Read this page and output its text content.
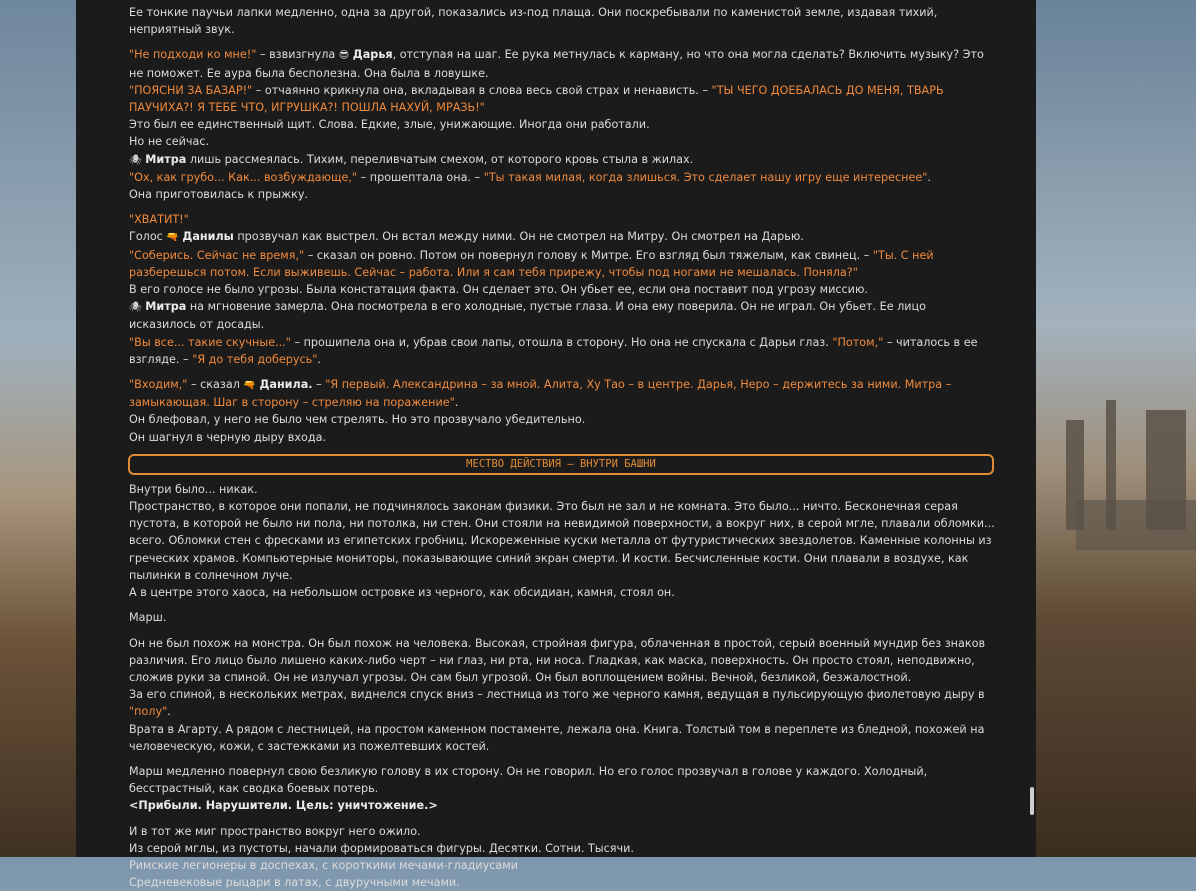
Ее тонкие паучьи лапки медленно, одна за другой, показались из-под плаща. Они поскребывали по каменистой земле, издавая тихий, неприятный звук.

"Не подходи ко мне!" – взвизгнула 😎 Дарья, отступая на шаг. Ее рука метнулась к карману, но что она могла сделать? Включить музыку? Это не поможет. Ее аура была бесполезна. Она была в ловушке.

"ПОЯСНИ ЗА БАЗАР!" – отчаянно крикнула она, вкладывая в слова весь свой страх и ненависть. – "ТЫ ЧЕГО ДОЕБАЛАСЬ ДО МЕНЯ, ТВАРЬ ПАУЧИХА?! Я ТЕБЕ ЧТО, ИГРУШКА?! ПОШЛА НАХУЙ, МРАЗЬ!"

Это был ее единственный щит. Слова. Едкие, злые, унижающие. Иногда они работали.

Но не сейчас.

🕷 Митра лишь рассмеялась. Тихим, переливчатым смехом, от которого кровь стыла в жилах.

"Ох, как грубо... Как... возбуждающе," – прошептала она. – "Ты такая милая, когда злишься. Это сделает нашу игру еще интереснее".

Она приготовилась к прыжку.

"ХВАТИТ!"

Голос 🔫 Данилы прозвучал как выстрел. Он встал между ними. Он не смотрел на Митру. Он смотрел на Дарью.

"Соберись. Сейчас не время," – сказал он ровно. Потом он повернул голову к Митре. Его взгляд был тяжелым, как свинец. – "Ты. С ней разберешься потом. Если выживешь. Сейчас – работа. Или я сам тебя прирежу, чтобы под ногами не мешалась. Поняла?"

В его голосе не было угрозы. Была констатация факта. Он сделает это. Он убьет ее, если она поставит под угрозу миссию.

🕷 Митра на мгновение замерла. Она посмотрела в его холодные, пустые глаза. И она ему поверила. Он не играл. Он убьет. Ее лицо исказилось от досады.

"Вы все... такие скучные..." – прошипела она и, убрав свои лапы, отошла в сторону. Но она не спускала с Дарьи глаз. "Потом," – читалось в ее взгляде. – "Я до тебя доберусь".

"Входим," – сказал 🔫 Данила. – "Я первый. Александрина – за мной. Алита, Ху Тао – в центре. Дарья, Неро – держитесь за ними. Митра – замыкающая. Шаг в сторону – стреляю на поражение".

Он блефовал, у него не было чем стрелять. Но это прозвучало убедительно.

Он шагнул в черную дыру входа.

МЕСТВО ДЕЙСТВИЯ – ВНУТРИ БАШНИ

Внутри было... никак.

Пространство, в которое они попали, не подчинялось законам физики. Это был не зал и не комната. Это было... ничто. Бесконечная серая пустота, в которой не было ни пола, ни потолка, ни стен. Они стояли на невидимой поверхности, а вокруг них, в серой мгле, плавали обломки... всего. Обломки стен с фресками из египетских гробниц. Искореженные куски металла от футуристических звездолетов. Каменные колонны из греческих храмов. Компьютерные мониторы, показывающие синий экран смерти. И кости. Бесчисленные кости. Они плавали в воздухе, как пылинки в солнечном луче.

А в центре этого хаоса, на небольшом островке из черного, как обсидиан, камня, стоял он.

Марш.

Он не был похож на монстра. Он был похож на человека. Высокая, стройная фигура, облаченная в простой, серый военный мундир без знаков различия. Его лицо было лишено каких-либо черт – ни глаз, ни рта, ни носа. Гладкая, как маска, поверхность. Он просто стоял, неподвижно, сложив руки за спиной. Он не излучал угрозы. Он сам был угрозой. Он был воплощением войны. Вечной, безликой, безжалостной.

За его спиной, в нескольких метрах, виднелся спуск вниз – лестница из того же черного камня, ведущая в пульсирующую фиолетовую дыру в "полу".

Врата в Агарту. А рядом с лестницей, на простом каменном постаменте, лежала она. Книга. Толстый том в переплете из бледной, похожей на человеческую, кожи, с застежками из пожелтевших костей.

Марш медленно повернул свою безликую голову в их сторону. Он не говорил. Но его голос прозвучал в голове у каждого. Холодный, бесстрастный, как сводка боевых потерь.

<Прибыли. Нарушители. Цель: уничтожение.>

И в тот же миг пространство вокруг него ожило.

Из серой мглы, из пустоты, начали формироваться фигуры. Десятки. Сотни. Тысячи.

Римские легионеры в доспехах, с короткими мечами-гладиусами

Средневековые рыцари в латах, с двуручными мечами.
